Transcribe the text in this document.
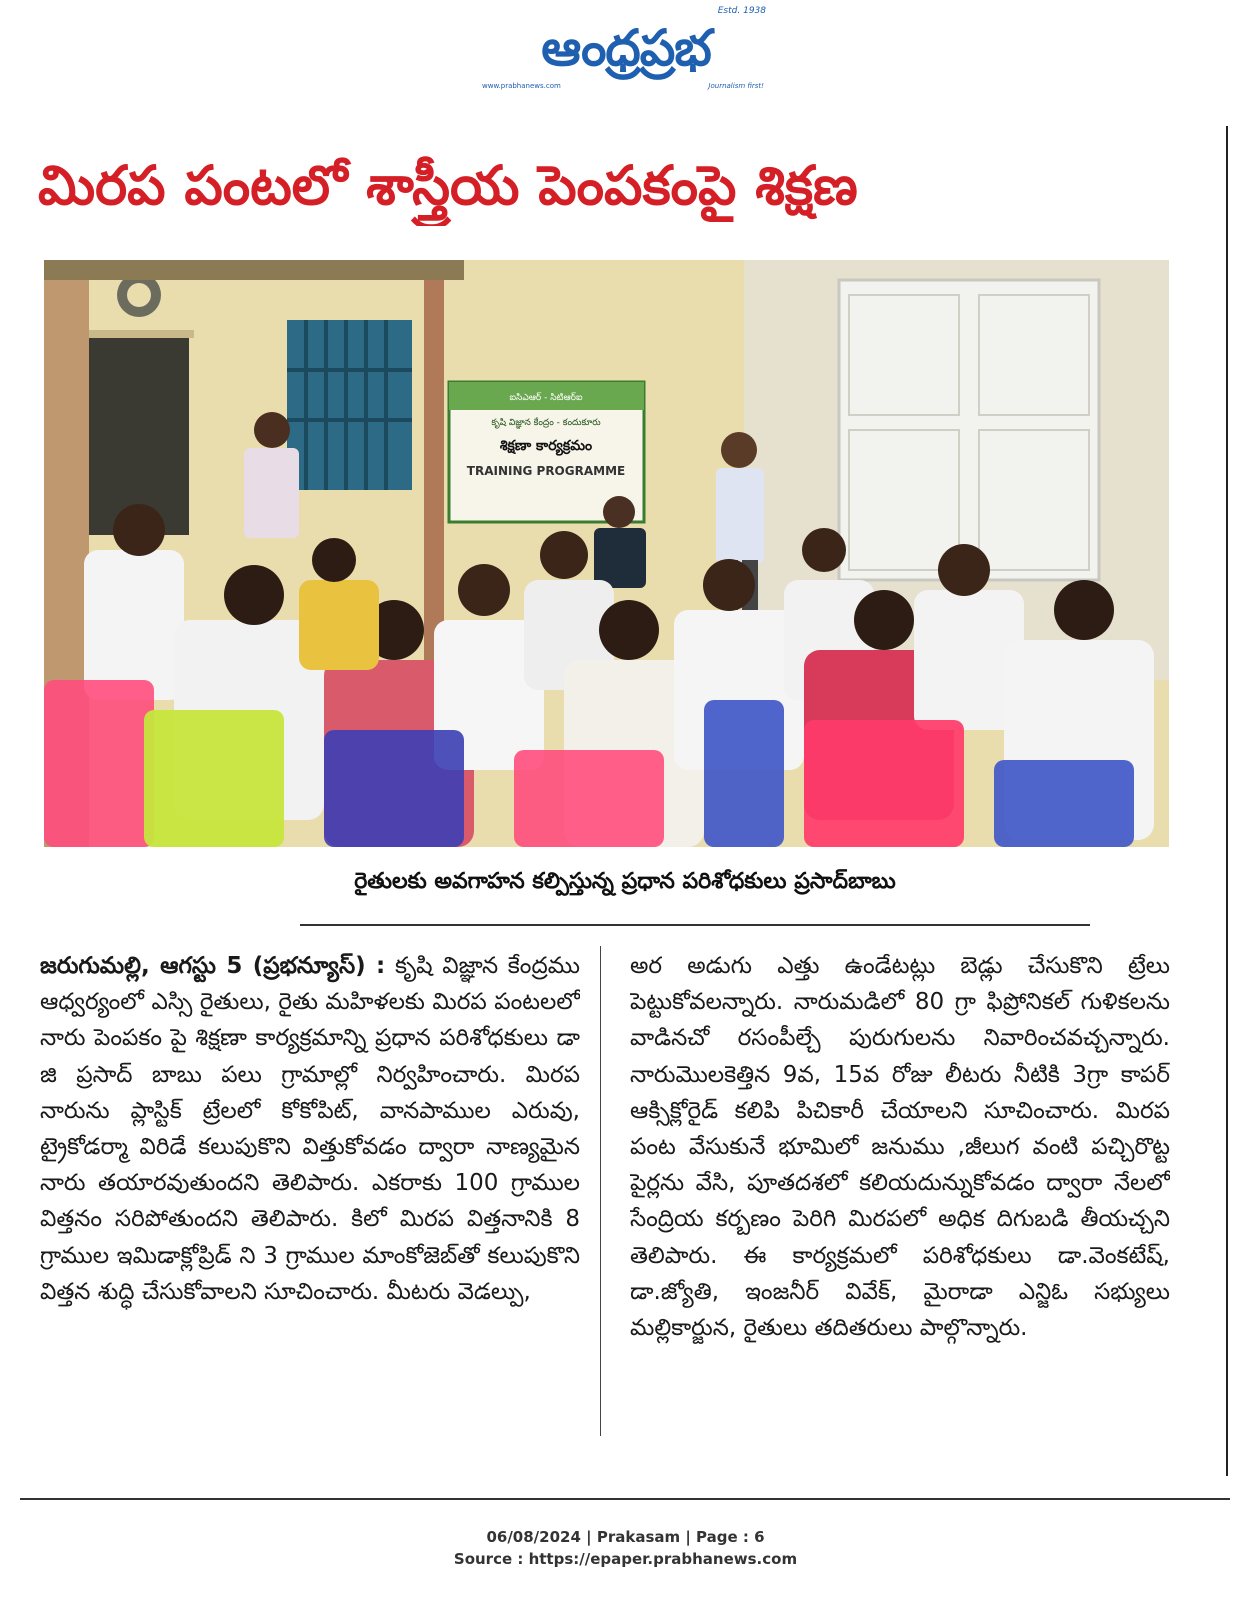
Estd. 1938
ఆంధ్రప్రభ
www.prabhanews.com	Journalism first!
మిరప పంటలో శాస్త్రీయ పెంపకంపై శిక్షణ
ఐసిఎఆర్ - సిటిఆర్ఐ
కృషి విజ్ఞాన కేంద్రం - కందుకూరు
శిక్షణా కార్యక్రమం
TRAINING PROGRAMME
రైతులకు అవగాహన కల్పిస్తున్న ప్రధాన పరిశోధకులు ప్రసాద్‌బాబు
జరుగుమల్లి, ఆగస్టు 5 (ప్రభన్యూస్) : కృషి విజ్ఞాన కేంద్రము ఆధ్వర్యంలో ఎస్సి రైతులు, రైతు మహిళలకు మిరప పంటలలో నారు పెంపకం పై శిక్షణా కార్యక్రమాన్ని ప్రధాన పరిశోధకులు డా జి ప్రసాద్ బాబు పలు గ్రామాల్లో నిర్వహించారు. మిరప నారును ప్లాస్టిక్ ట్రేలలో కోకోపిట్, వానపాముల ఎరువు, ట్రైకోడర్మా విరిడే కలుపుకొని విత్తుకోవడం ద్వారా నాణ్యమైన నారు తయారవుతుందని తెలిపారు. ఎకరాకు 100 గ్రాముల విత్తనం సరిపోతుందని తెలిపారు. కిలో మిరప విత్తనానికి 8 గ్రాముల ఇమిడాక్లోప్రిడ్ ని 3 గ్రాముల మాంకోజెబ్‌తో కలుపుకొని విత్తన శుద్ధి చేసుకోవాలని సూచించారు. మీటరు వెడల్పు,
అర అడుగు ఎత్తు ఉండేటట్లు బెడ్లు చేసుకొని ట్రేలు పెట్టుకోవలన్నారు. నారుమడిలో 80 గ్రా ఫిప్రోనికల్ గుళికలను వాడినచో రసంపీల్చే పురుగులను నివారించవచ్చన్నారు. నారుమొలకెత్తిన 9వ, 15వ రోజు లీటరు నీటికి 3గ్రా కాపర్ ఆక్సిక్లోరైడ్ కలిపి పిచికారీ చేయాలని సూచించారు. మిరప పంట వేసుకునే భూమిలో జనుము ,జీలుగ వంటి పచ్చిరొట్ట పైర్లను వేసి, పూతదశలో కలియదున్నుకోవడం ద్వారా నేలలో సేంద్రియ కర్బణం పెరిగి మిరపలో అధిక దిగుబడి తీయచ్చని తెలిపారు. ఈ కార్యక్రమలో పరిశోధకులు డా.వెంకటేష్, డా.జ్యోతి, ఇంజనీర్ వివేక్, మైరాడా ఎన్జిఓ సభ్యులు మల్లికార్జున, రైతులు తదితరులు పాల్గొన్నారు.
06/08/2024 | Prakasam | Page : 6
Source : https://epaper.prabhanews.com
